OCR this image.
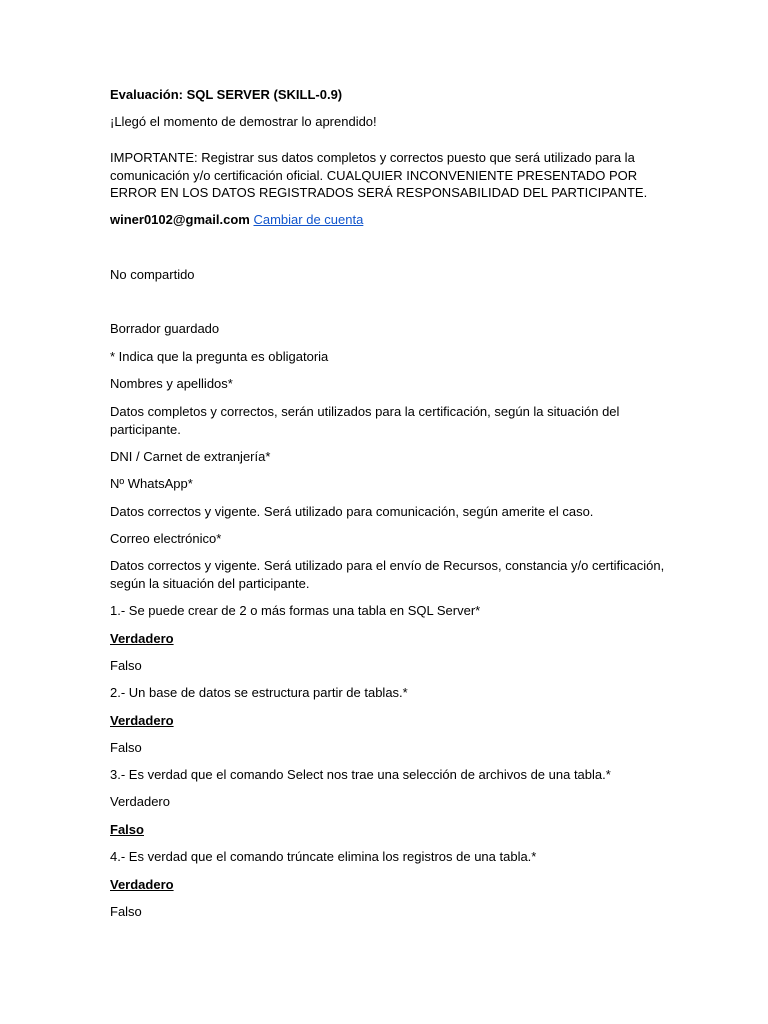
Evaluación: SQL SERVER (SKILL-0.9)
¡Llegó el momento de demostrar lo aprendido!
IMPORTANTE: Registrar sus datos completos y correctos puesto que será utilizado para la comunicación y/o certificación oficial. CUALQUIER INCONVENIENTE PRESENTADO POR ERROR EN LOS DATOS REGISTRADOS SERÁ RESPONSABILIDAD DEL PARTICIPANTE.
winer0102@gmail.com Cambiar de cuenta
No compartido
Borrador guardado
* Indica que la pregunta es obligatoria
Nombres y apellidos*
Datos completos y correctos, serán utilizados para la certificación, según la situación del participante.
DNI / Carnet de extranjería*
Nº WhatsApp*
Datos correctos y vigente. Será utilizado para comunicación, según amerite el caso.
Correo electrónico*
Datos correctos y vigente. Será utilizado para el envío de Recursos, constancia y/o certificación, según la situación del participante.
1.- Se puede crear de 2 o más formas una tabla en SQL Server*
Verdadero
Falso
2.- Un base de datos se estructura partir de tablas.*
Verdadero
Falso
3.- Es verdad que el comando Select nos trae una selección de archivos de una tabla.*
Verdadero
Falso
4.- Es verdad que el comando trúncate elimina los registros de una tabla.*
Verdadero
Falso
